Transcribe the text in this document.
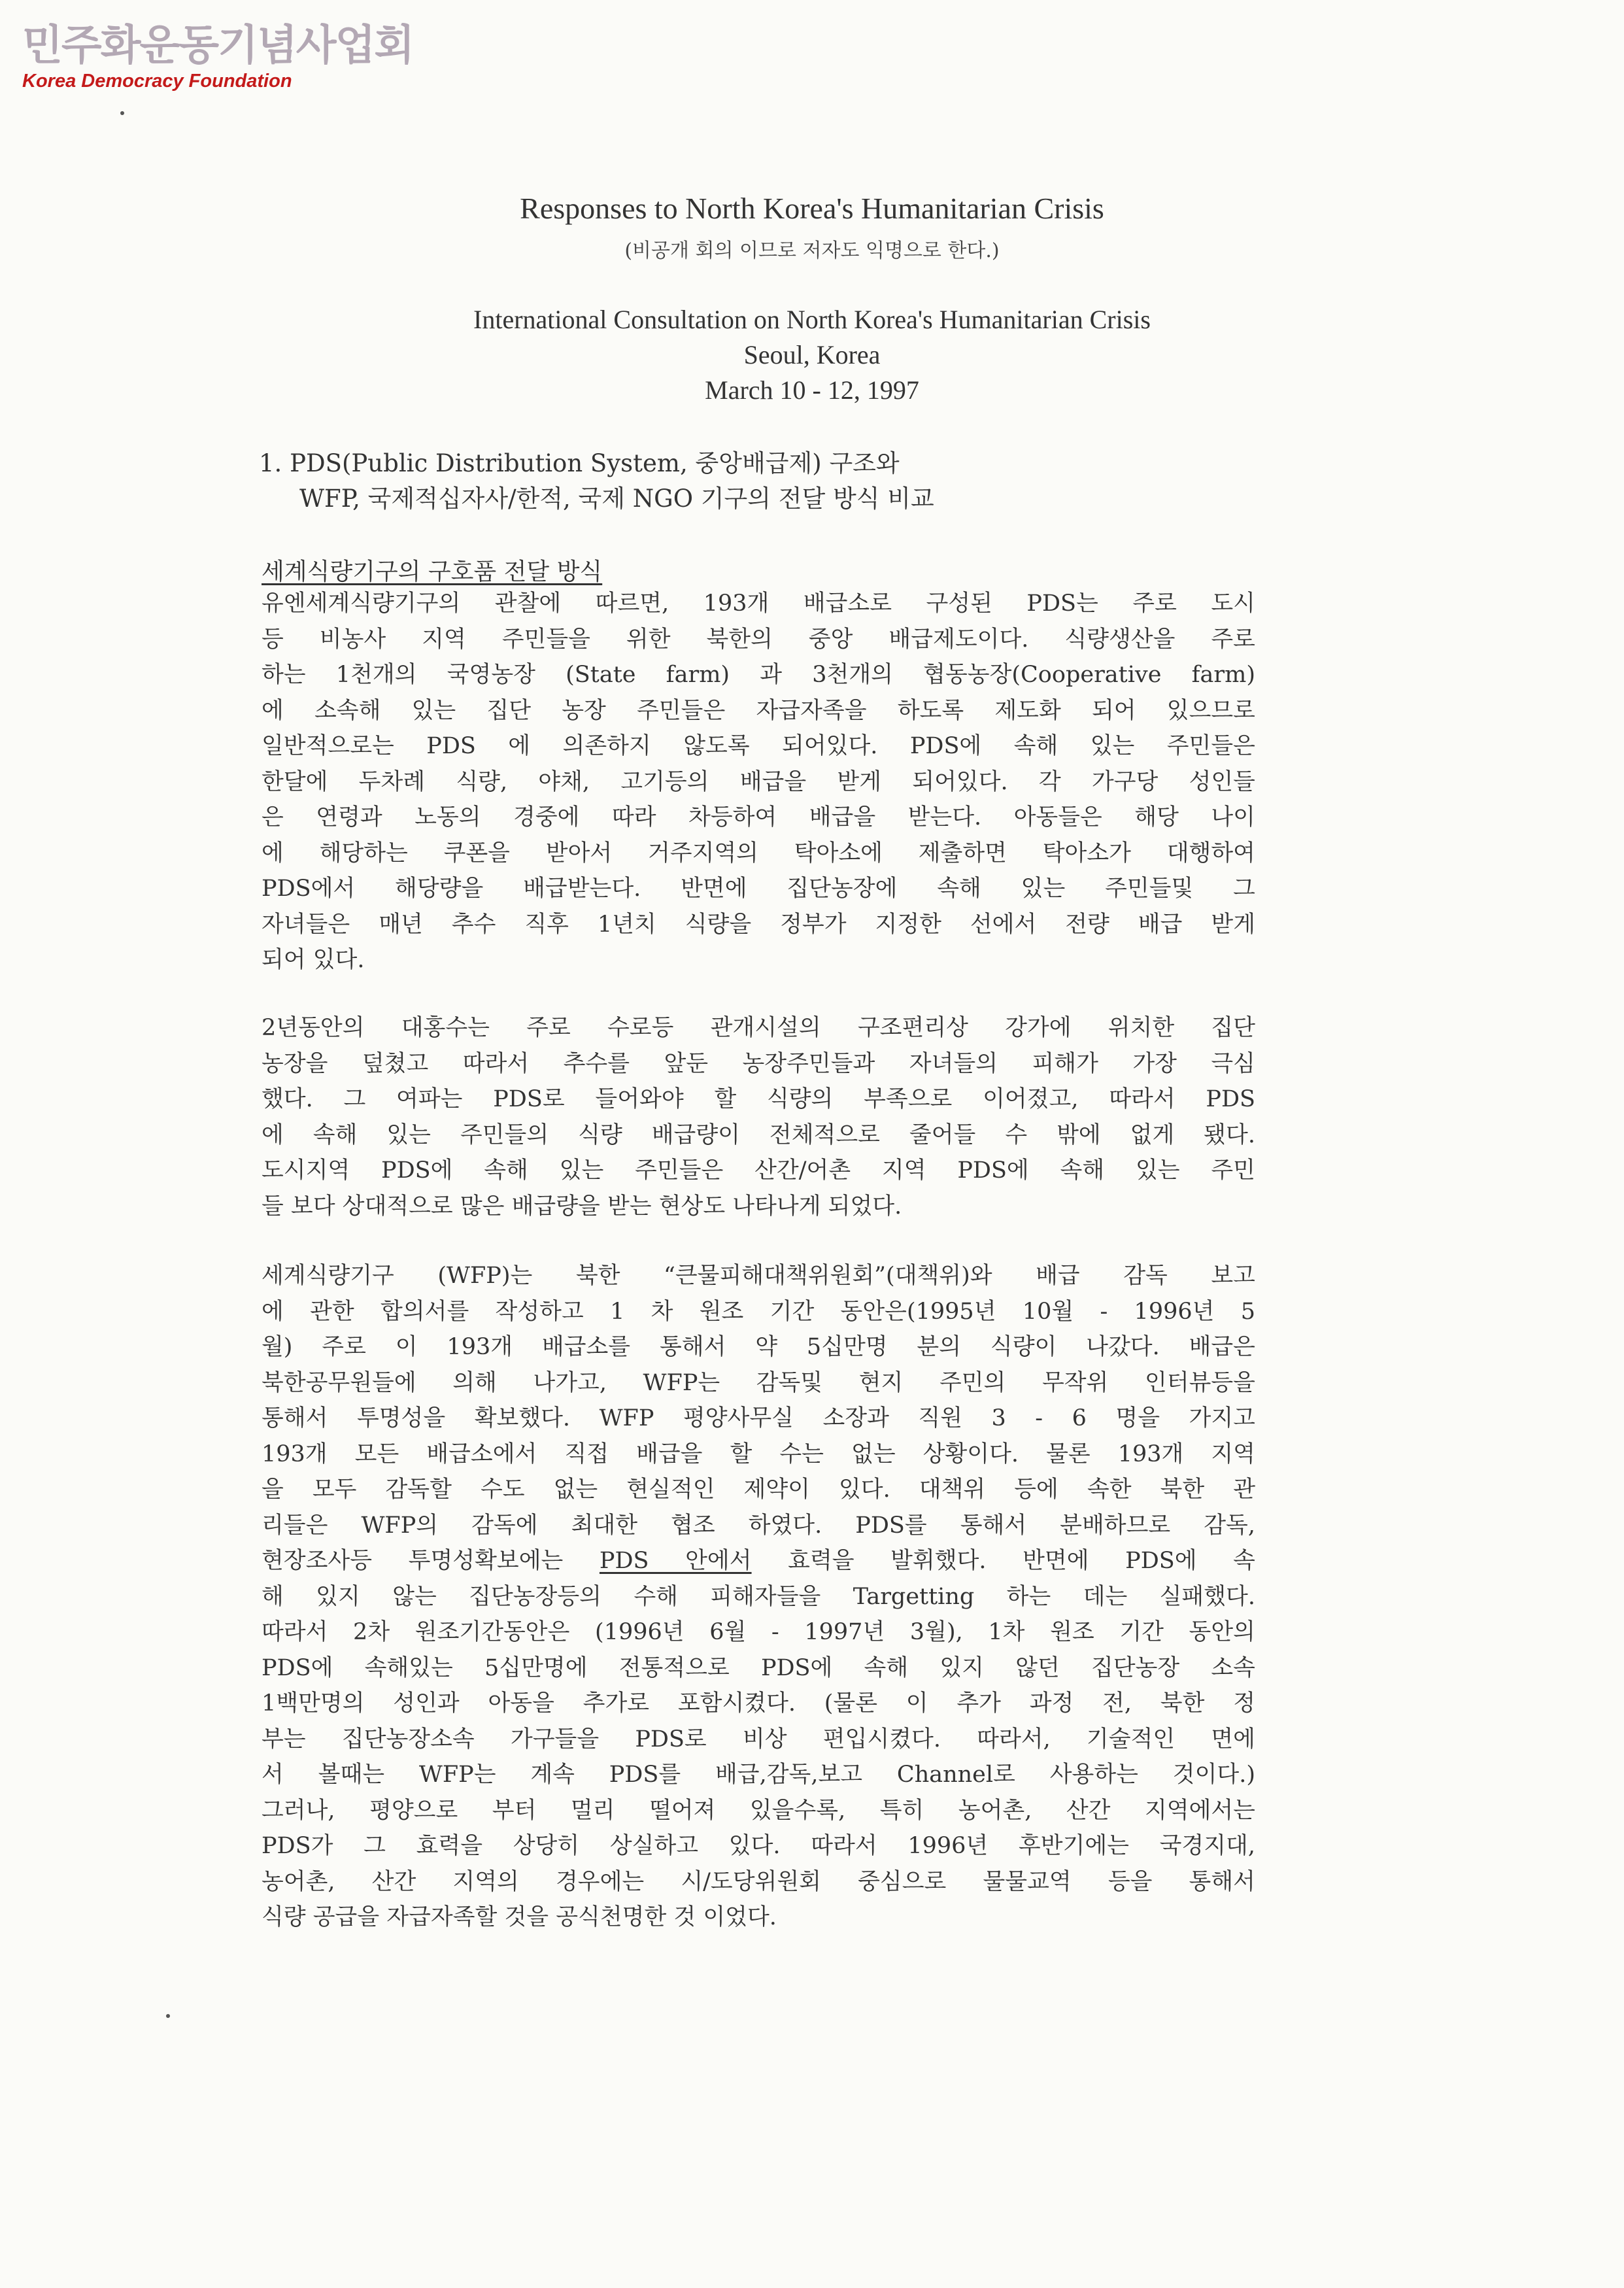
민주화운동기념사업회
Korea Democracy Foundation
Responses to North Korea's Humanitarian Crisis
(비공개 회의 이므로 저자도 익명으로 한다.)
International Consultation on North Korea's Humanitarian Crisis
Seoul, Korea
March 10 - 12, 1997
1. PDS(Public Distribution System, 중앙배급제) 구조와
WFP, 국제적십자사/한적, 국제 NGO 기구의 전달 방식 비교
세계식량기구의 구호품 전달 방식
유엔세계식량기구의 관찰에 따르면, 193개 배급소로 구성된 PDS는 주로 도시
등 비농사 지역 주민들을 위한 북한의 중앙 배급제도이다. 식량생산을 주로
하는 1천개의 국영농장 (State farm) 과 3천개의 협동농장(Cooperative farm)
에 소속해 있는 집단 농장 주민들은 자급자족을 하도록 제도화 되어 있으므로
일반적으로는 PDS 에 의존하지 않도록 되어있다. PDS에 속해 있는 주민들은
한달에 두차례 식량, 야채, 고기등의 배급을 받게 되어있다. 각 가구당 성인들
은 연령과 노동의 경중에 따라 차등하여 배급을 받는다. 아동들은 해당 나이
에 해당하는 쿠폰을 받아서 거주지역의 탁아소에 제출하면 탁아소가 대행하여
PDS에서 해당량을 배급받는다. 반면에 집단농장에 속해 있는 주민들및 그
자녀들은 매년 추수 직후 1년치 식량을 정부가 지정한 선에서 전량 배급 받게
되어 있다.
2년동안의 대홍수는 주로 수로등 관개시설의 구조편리상 강가에 위치한 집단
농장을 덮쳤고 따라서 추수를 앞둔 농장주민들과 자녀들의 피해가 가장 극심
했다. 그 여파는 PDS로 들어와야 할 식량의 부족으로 이어졌고, 따라서 PDS
에 속해 있는 주민들의 식량 배급량이 전체적으로 줄어들 수 밖에 없게 됐다.
도시지역 PDS에 속해 있는 주민들은 산간/어촌 지역 PDS에 속해 있는 주민
들 보다 상대적으로 많은 배급량을 받는 현상도 나타나게 되었다.
세계식량기구 (WFP)는 북한 “큰물피해대책위원회”(대책위)와 배급 감독 보고
에 관한 합의서를 작성하고 1 차 원조 기간 동안은(1995년 10월 - 1996년 5
월) 주로 이 193개 배급소를 통해서 약 5십만명 분의 식량이 나갔다. 배급은
북한공무원들에 의해 나가고, WFP는 감독및 현지 주민의 무작위 인터뷰등을
통해서 투명성을 확보했다. WFP 평양사무실 소장과 직원 3 - 6 명을 가지고
193개 모든 배급소에서 직접 배급을 할 수는 없는 상황이다. 물론 193개 지역
을 모두 감독할 수도 없는 현실적인 제약이 있다. 대책위 등에 속한 북한 관
리들은 WFP의 감독에 최대한 협조 하였다. PDS를 통해서 분배하므로 감독,
현장조사등 투명성확보에는 PDS 안에서 효력을 발휘했다. 반면에 PDS에 속
해 있지 않는 집단농장등의 수해 피해자들을 Targetting 하는 데는 실패했다.
따라서 2차 원조기간동안은 (1996년 6월 - 1997년 3월), 1차 원조 기간 동안의
PDS에 속해있는 5십만명에 전통적으로 PDS에 속해 있지 않던 집단농장 소속
1백만명의 성인과 아동을 추가로 포함시켰다. (물론 이 추가 과정 전, 북한 정
부는 집단농장소속 가구들을 PDS로 비상 편입시켰다. 따라서, 기술적인 면에
서 볼때는 WFP는 계속 PDS를 배급,감독,보고 Channel로 사용하는 것이다.)
그러나, 평양으로 부터 멀리 떨어져 있을수록, 특히 농어촌, 산간 지역에서는
PDS가 그 효력을 상당히 상실하고 있다. 따라서 1996년 후반기에는 국경지대,
농어촌, 산간 지역의 경우에는 시/도당위원회 중심으로 물물교역 등을 통해서
식량 공급을 자급자족할 것을 공식천명한 것 이었다.
